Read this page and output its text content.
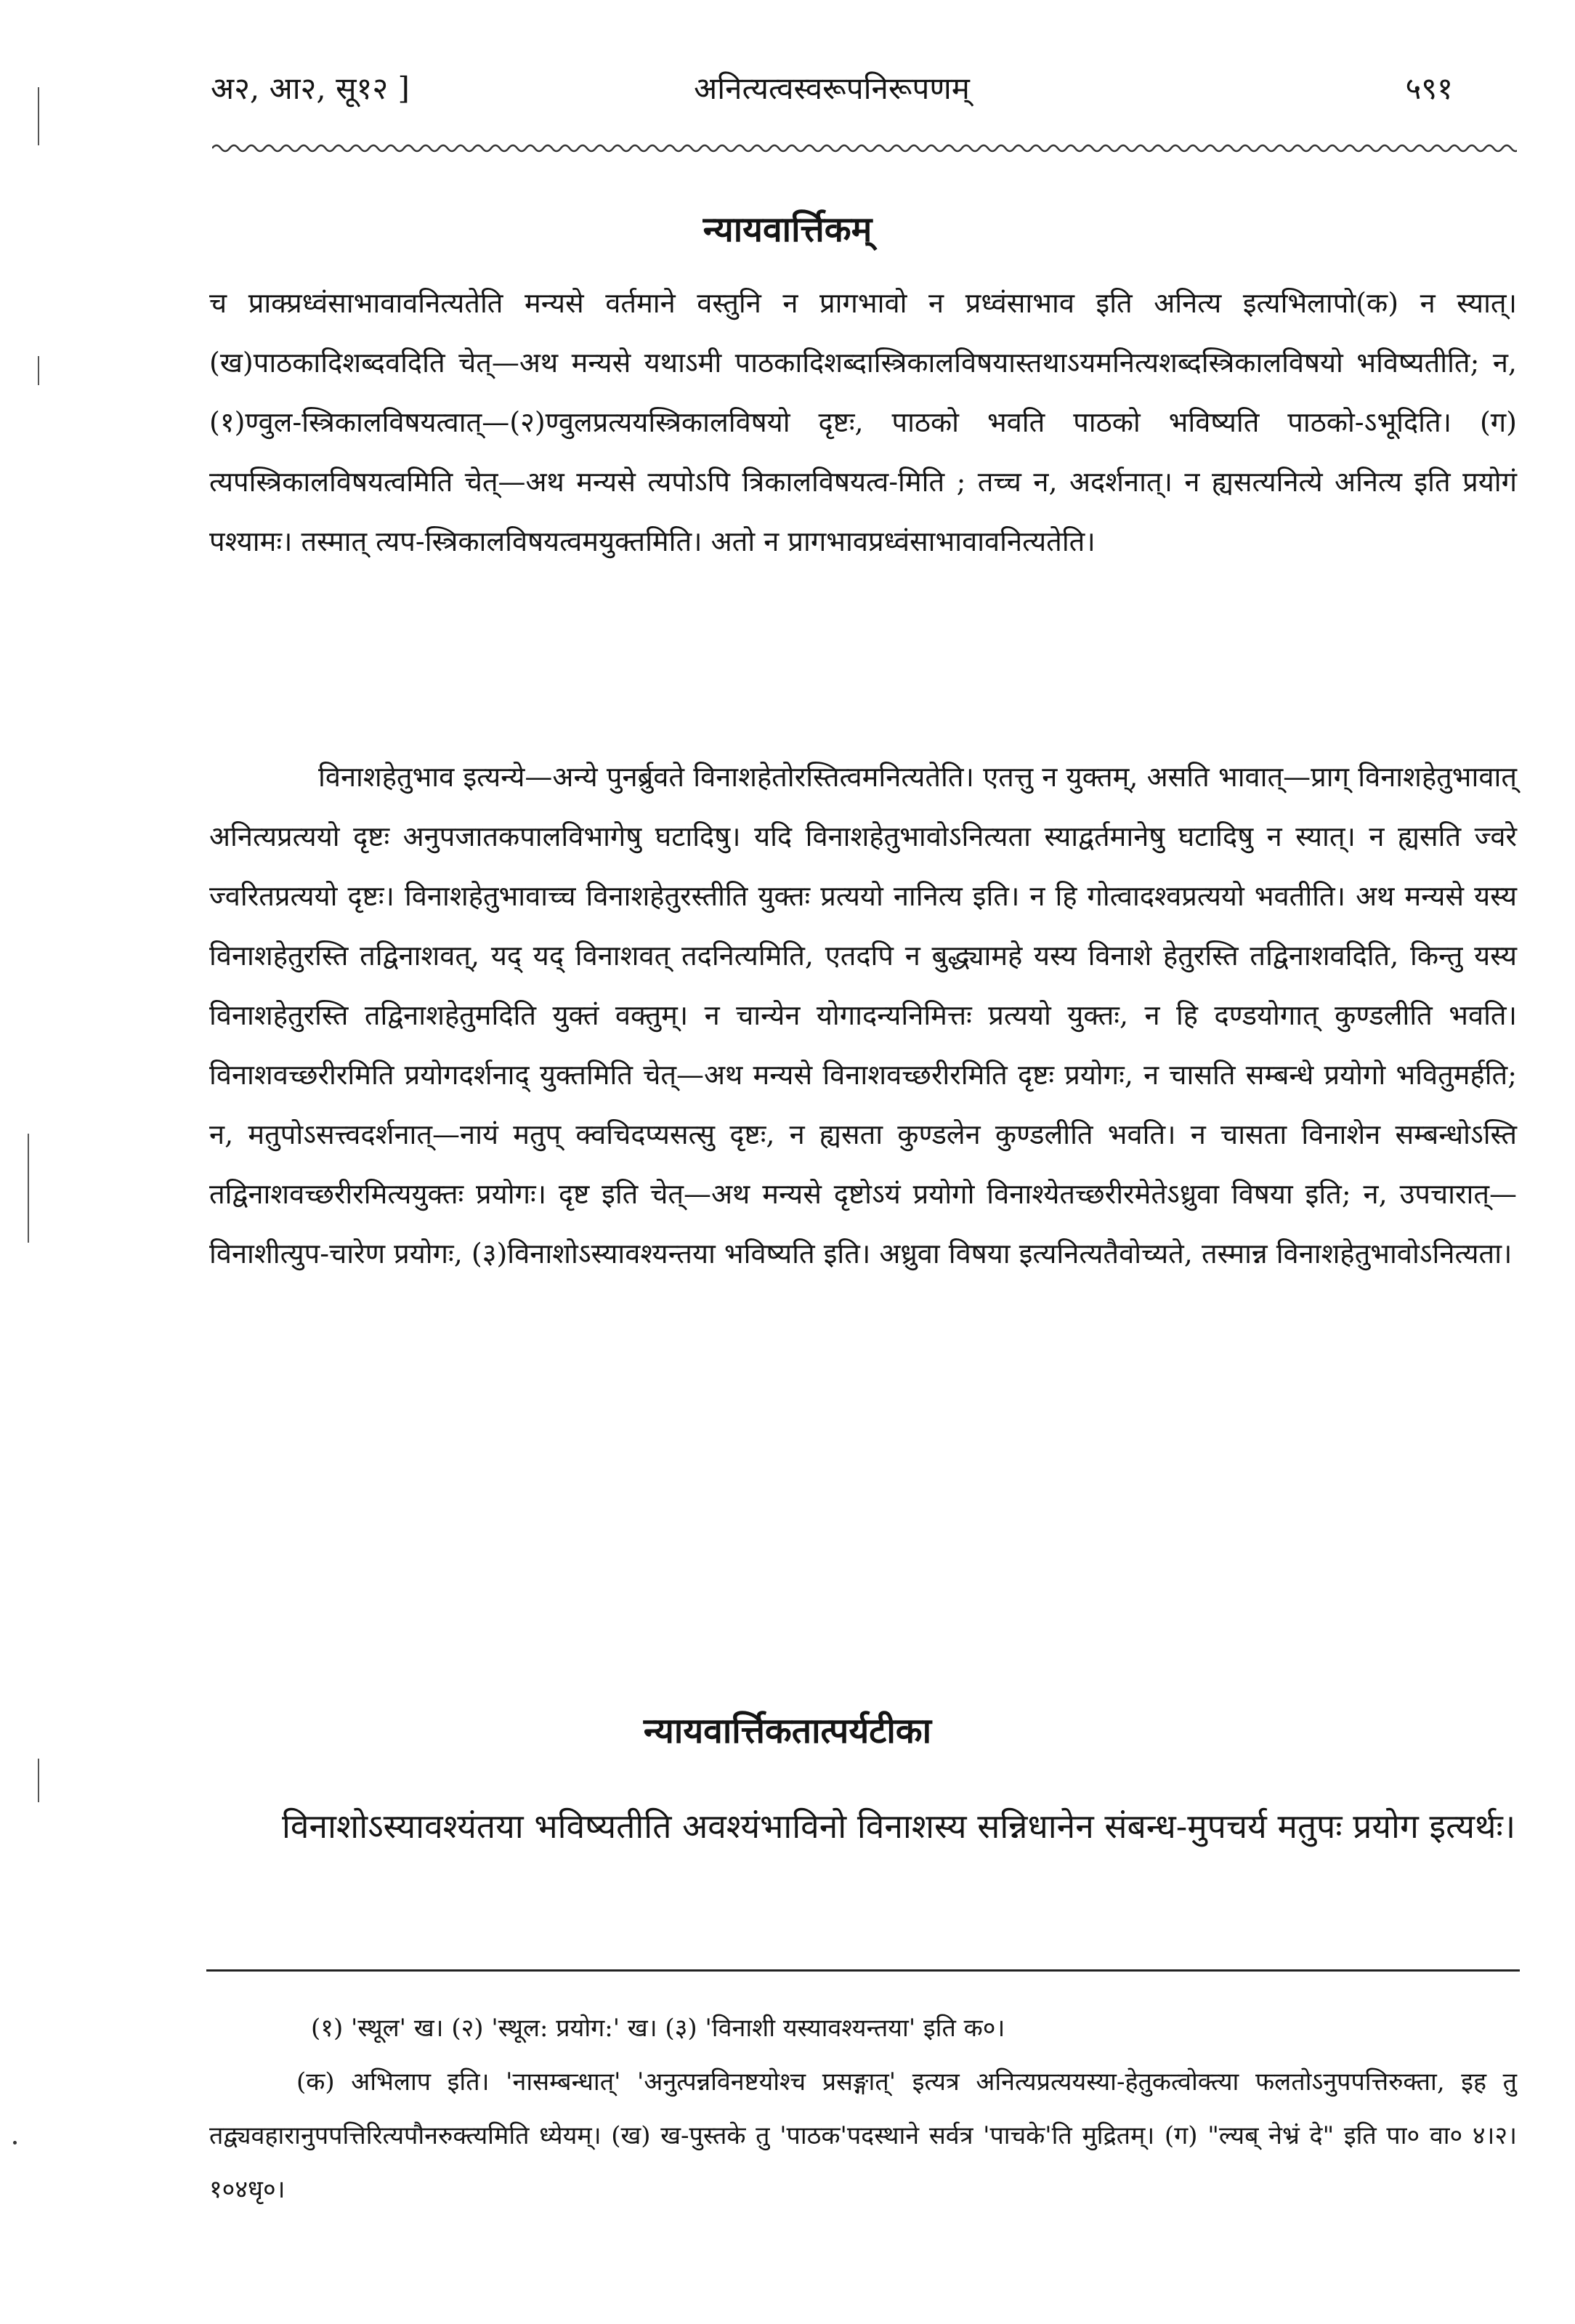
अ२, आ२, सू१२ ]	अनित्यत्वस्वरूपनिरूपणम्	५९१
न्यायवार्त्तिकम्

च प्राक्प्रध्वंसाभावावनित्यतेति मन्यसे वर्तमाने वस्तुनि न प्रागभावो न प्रध्वंसाभाव इति अनित्य इत्यभिलापो(क) न स्यात्। (ख)पाठकादिशब्दवदिति चेत्—अथ मन्यसे यथाऽमी पाठकादिशब्दास्त्रिकालविषयास्तथाऽयमनित्यशब्दस्त्रिकालविषयो भविष्यतीति; न, (१)ण्वुल-स्त्रिकालविषयत्वात्—(२)ण्वुलप्रत्ययस्त्रिकालविषयो दृष्टः, पाठको भवति पाठको भविष्यति पाठको-ऽभूदिति। (ग) त्यपस्त्रिकालविषयत्वमिति चेत्—अथ मन्यसे त्यपोऽपि त्रिकालविषयत्व-मिति ; तच्च न, अदर्शनात्। न ह्यसत्यनित्ये अनित्य इति प्रयोगं पश्यामः। तस्मात् त्यप-स्त्रिकालविषयत्वमयुक्तमिति। अतो न प्रागभावप्रध्वंसाभावावनित्यतेति।

विनाशहेतुभाव इत्यन्ये—अन्ये पुनर्ब्रुवते विनाशहेतोरस्तित्वमनित्यतेति। एतत्तु न युक्तम्, असति भावात्—प्राग् विनाशहेतुभावात् अनित्यप्रत्ययो दृष्टः अनुपजातकपालविभागेषु घटादिषु। यदि विनाशहेतुभावोऽनित्यता स्याद्वर्तमानेषु घटादिषु न स्यात्। न ह्यसति ज्वरे ज्वरितप्रत्ययो दृष्टः। विनाशहेतुभावाच्च विनाशहेतुरस्तीति युक्तः प्रत्ययो नानित्य इति। न हि गोत्वादश्वप्रत्ययो भवतीति। अथ मन्यसे यस्य विनाशहेतुरस्ति तद्विनाशवत्, यद् यद् विनाशवत् तदनित्यमिति, एतदपि न बुद्ध्यामहे यस्य विनाशे हेतुरस्ति तद्विनाशवदिति, किन्तु यस्य विनाशहेतुरस्ति तद्विनाशहेतुमदिति युक्तं वक्तुम्। न चान्येन योगादन्यनिमित्तः प्रत्ययो युक्तः, न हि दण्डयोगात् कुण्डलीति भवति। विनाशवच्छरीरमिति प्रयोगदर्शनाद् युक्तमिति चेत्—अथ मन्यसे विनाशवच्छरीरमिति दृष्टः प्रयोगः, न चासति सम्बन्धे प्रयोगो भवितुमर्हति; न, मतुपोऽसत्त्वदर्शनात्—नायं मतुप् क्वचिदप्यसत्सु दृष्टः, न ह्यसता कुण्डलेन कुण्डलीति भवति। न चासता विनाशेन सम्बन्धोऽस्ति तद्विनाशवच्छरीरमित्ययुक्तः प्रयोगः। दृष्ट इति चेत्—अथ मन्यसे दृष्टोऽयं प्रयोगो विनाश्येतच्छरीरमेतेऽध्रुवा विषया इति; न, उपचारात्—विनाशीत्युप-चारेण प्रयोगः, (३)विनाशोऽस्यावश्यन्तया भविष्यति इति। अध्रुवा विषया इत्यनित्यतैवोच्यते, तस्मान्न विनाशहेतुभावोऽनित्यता।

न्यायवार्त्तिकतात्पर्यटीका

विनाशोऽस्यावश्यंतया भविष्यतीति अवश्यंभाविनो विनाशस्य सन्निधानेन संबन्ध-मुपचर्य मतुपः प्रयोग इत्यर्थः।

(१) 'स्थूल' ख। (२) 'स्थूल: प्रयोग:' ख। (३) 'विनाशी यस्यावश्यन्तया' इति क०।

(क) अभिलाप इति। 'नासम्बन्धात्' 'अनुत्पन्नविनष्टयोश्च प्रसङ्गात्' इत्यत्र अनित्यप्रत्ययस्या-हेतुकत्वोक्त्या फलतोऽनुपपत्तिरुक्ता, इह तु तद्व्यवहारानुपपत्तिरित्यपौनरुक्त्यमिति ध्येयम्। (ख) ख-पुस्तके तु 'पाठक'पदस्थाने सर्वत्र 'पाचके'ति मुद्रितम्। (ग) "ल्यब् नेभ्रं दे" इति पा० वा० ४।२।१०४धृ०।
